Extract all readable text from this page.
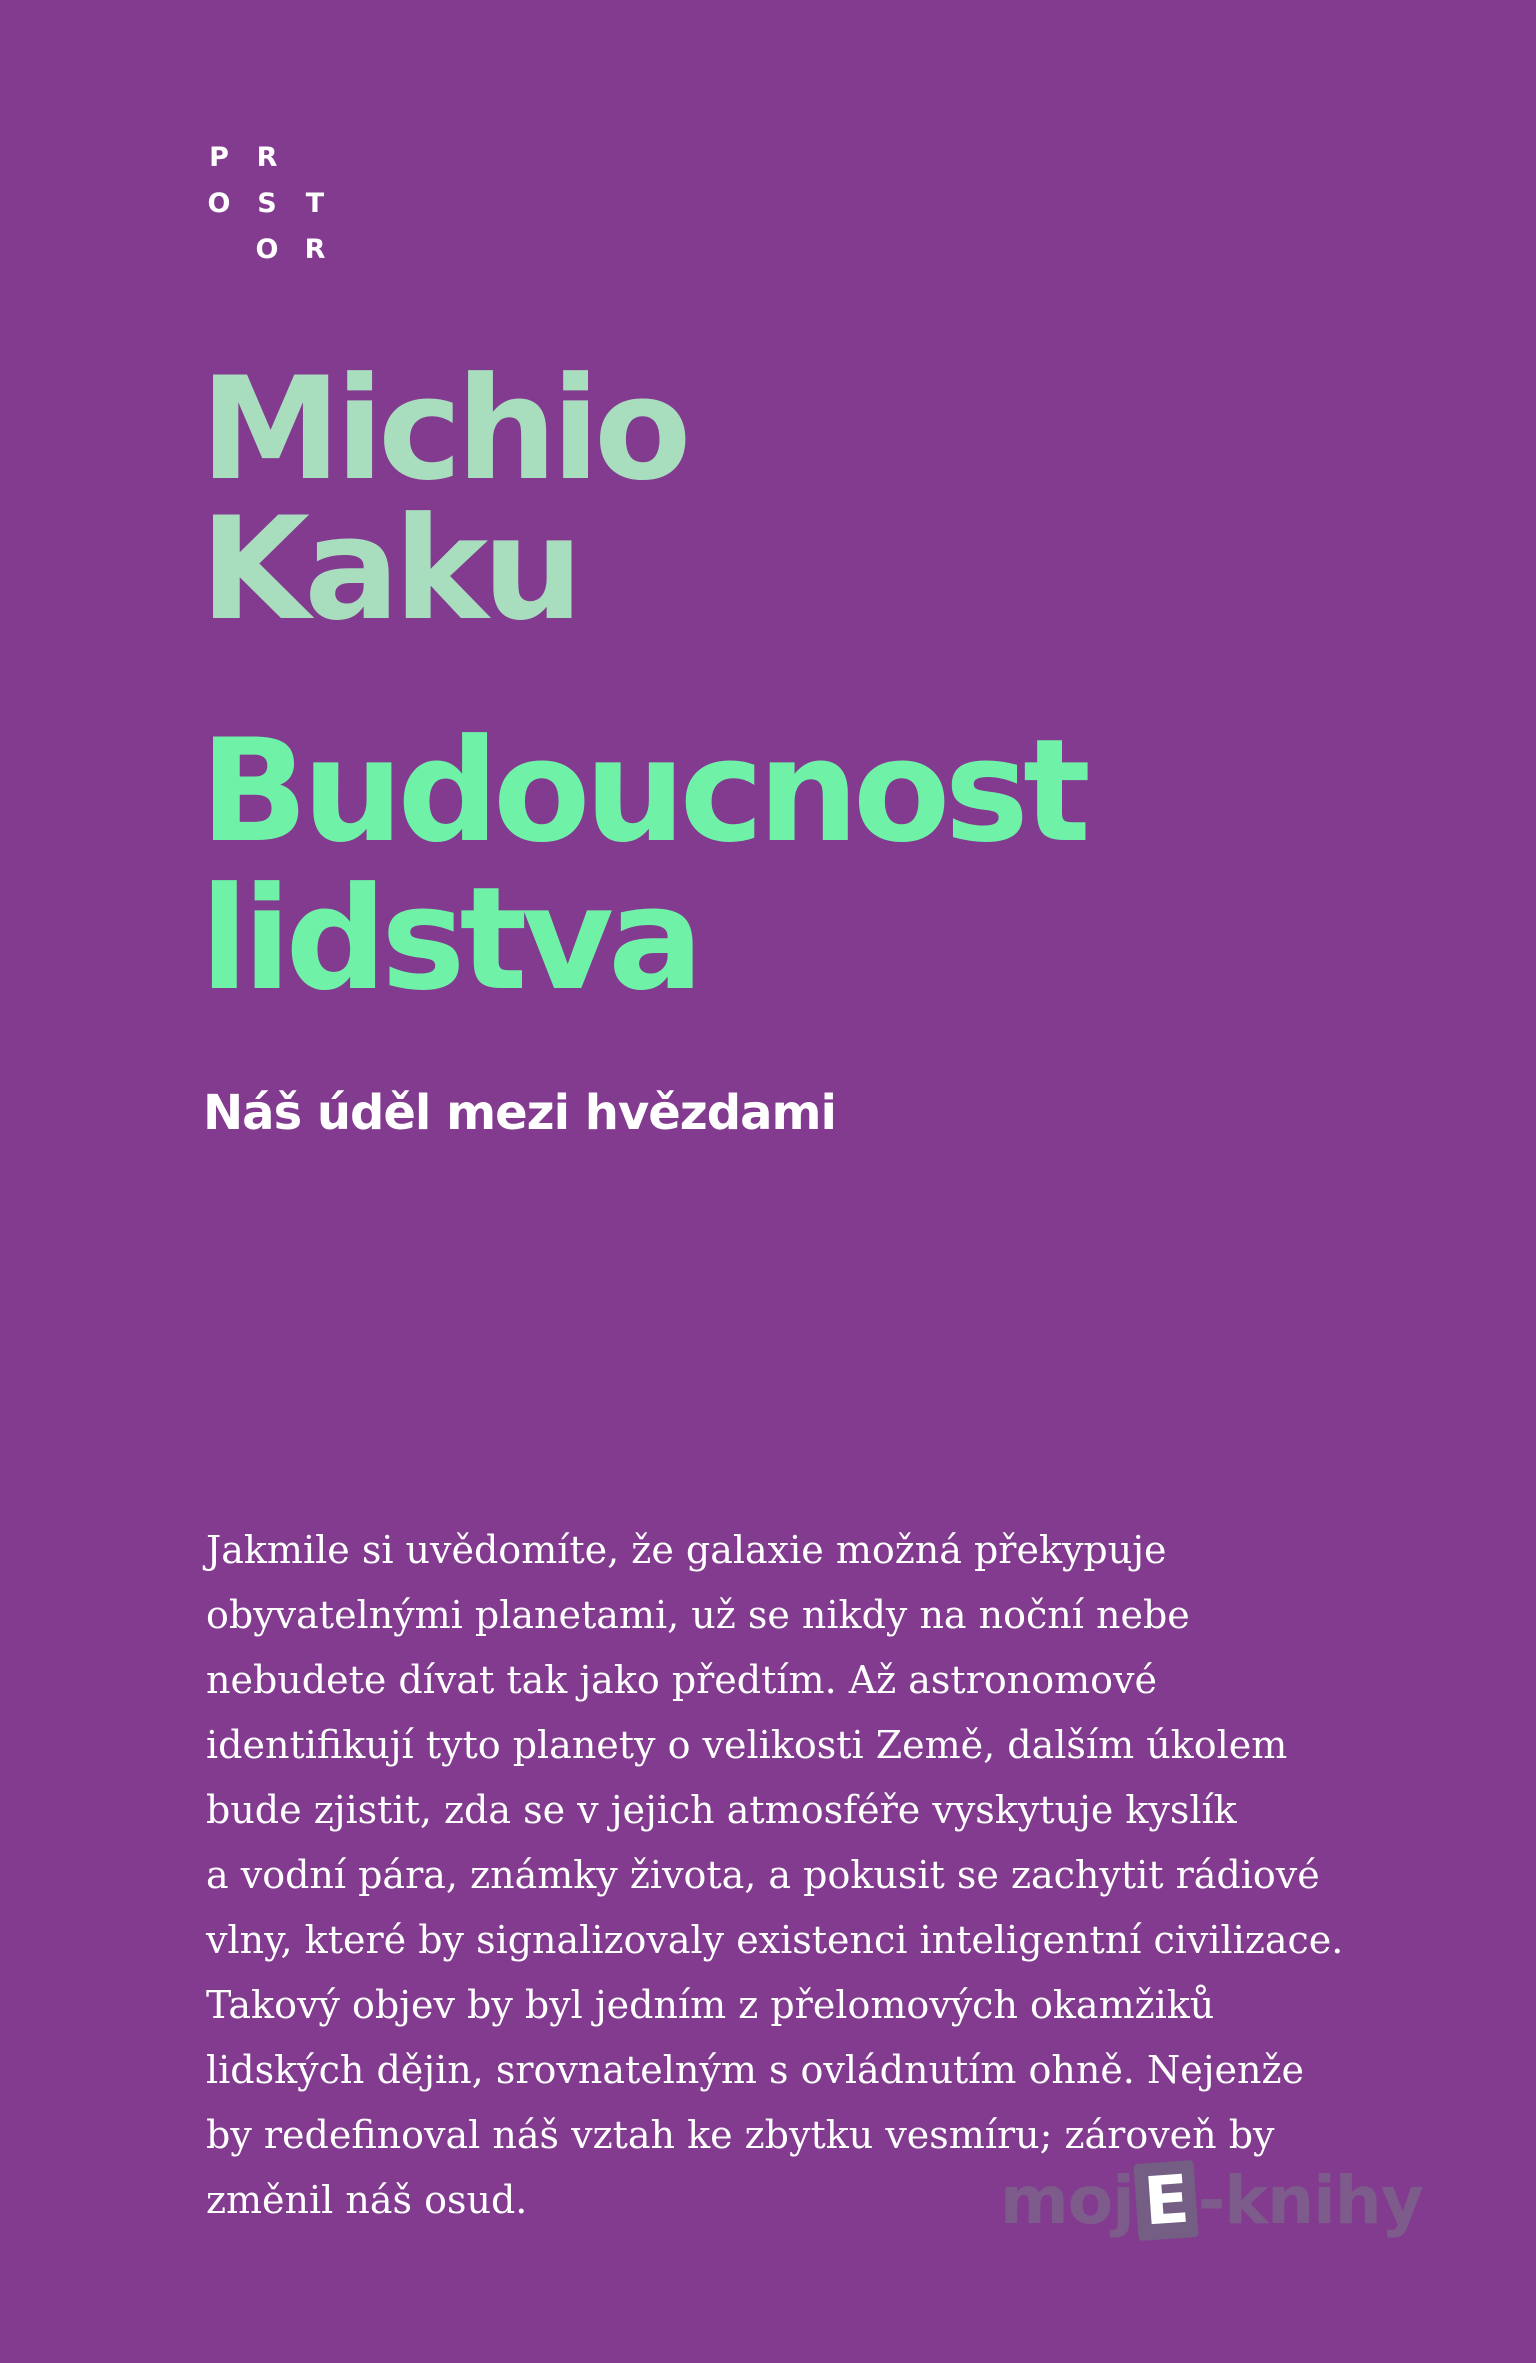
P R
O S T
O R
Michio
Kaku
Budoucnost
lidstva

Náš úděl mezi hvězdami

Jakmile si uvědomíte, že galaxie možná překypuje
obyvatelnými planetami, už se nikdy na noční nebe
nebudete dívat tak jako předtím. Až astronomové
identifikují tyto planety o velikosti Země, dalším úkolem
bude zjistit, zda se v jejich atmosféře vyskytuje kyslík
a vodní pára, známky života, a pokusit se zachytit rádiové
vlny, které by signalizovaly existenci inteligentní civilizace.
Takový objev by byl jedním z přelomových okamžiků
lidských dějin, srovnatelným s ovládnutím ohně. Nejenže
by redefinoval náš vztah ke zbytku vesmíru; zároveň by
změnil náš osud.	moj E -knihy
